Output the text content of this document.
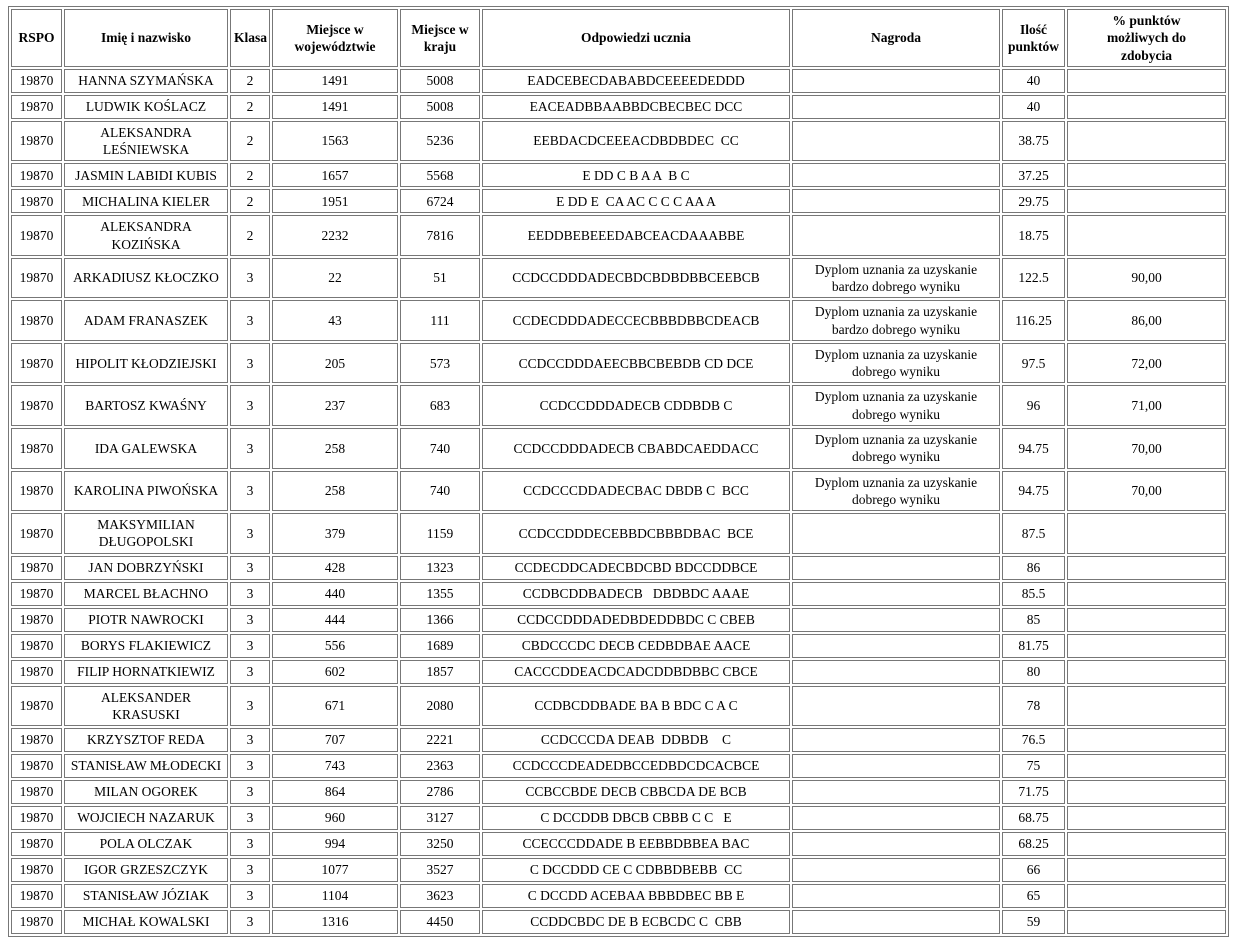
RSPO	Imię i nazwisko	Klasa	Miejsce w województwie	Miejsce w kraju	Odpowiedzi ucznia	Nagroda	Ilość punktów	% punktów możliwych do zdobycia
19870	HANNA SZYMAŃSKA	2	1491	5008	EADCEBECDABABDCEEEEDEDDD		40	
19870	LUDWIK KOŚLACZ	2	1491	5008	EACEADBBAABBDCBECBEC DCC		40	
19870	ALEKSANDRA LEŚNIEWSKA	2	1563	5236	EEBDACDCEEEACDBDBDEC  CC		38.75	
19870	JASMIN LABIDI KUBIS	2	1657	5568	E DD C B A A  B C		37.25	
19870	MICHALINA KIELER	2	1951	6724	E DD E  CA AC C C C AA A		29.75	
19870	ALEKSANDRA KOZIŃSKA	2	2232	7816	EEDDBEBEEEDABCEACDAAABBE		18.75	
19870	ARKADIUSZ KŁOCZKO	3	22	51	CCDCCDDDADECBDCBDBDBBCEEBCB	Dyplom uznania za uzyskanie bardzo dobrego wyniku	122.5	90,00
19870	ADAM FRANASZEK	3	43	111	CCDECDDDADECCECBBBDBBCDEACB	Dyplom uznania za uzyskanie bardzo dobrego wyniku	116.25	86,00
19870	HIPOLIT KŁODZIEJSKI	3	205	573	CCDCCDDDAEECBBCBEBDB CD DCE	Dyplom uznania za uzyskanie dobrego wyniku	97.5	72,00
19870	BARTOSZ KWAŚNY	3	237	683	CCDCCDDDADECB CDDBDB C	Dyplom uznania za uzyskanie dobrego wyniku	96	71,00
19870	IDA GALEWSKA	3	258	740	CCDCCDDDADECB CBABDCAEDDACC	Dyplom uznania za uzyskanie dobrego wyniku	94.75	70,00
19870	KAROLINA PIWOŃSKA	3	258	740	CCDCCCDDADECBAC DBDB C  BCC	Dyplom uznania za uzyskanie dobrego wyniku	94.75	70,00
19870	MAKSYMILIAN DŁUGOPOLSKI	3	379	1159	CCDCCDDDECEBBDCBBBDBAC  BCE		87.5	
19870	JAN DOBRZYŃSKI	3	428	1323	CCDECDDCADECBDCBD BDCCDDBCE		86	
19870	MARCEL BŁACHNO	3	440	1355	CCDBCDDBADECB   DBDBDC AAAE		85.5	
19870	PIOTR NAWROCKI	3	444	1366	CCDCCDDDADEDBDEDDBDC C CBEB		85	
19870	BORYS FLAKIEWICZ	3	556	1689	CBDCCCDC DECB CEDBDBAE AACE		81.75	
19870	FILIP HORNATKIEWIZ	3	602	1857	CACCCDDEACDCADCDDBDBBC CBCE		80	
19870	ALEKSANDER KRASUSKI	3	671	2080	CCDBCDDBADE BA B BDC C A C		78	
19870	KRZYSZTOF REDA	3	707	2221	CCDCCCDA DEAB  DDBDB    C		76.5	
19870	STANISŁAW MŁODECKI	3	743	2363	CCDCCCDEADEDBCCEDBDCDCACBCE		75	
19870	MILAN OGOREK	3	864	2786	CCBCCBDE DECB CBBCDA DE BCB		71.75	
19870	WOJCIECH NAZARUK	3	960	3127	C DCCDDB DBCB CBBB C C   E		68.75	
19870	POLA OLCZAK	3	994	3250	CCECCCDDADE B EEBBDBBEA BAC		68.25	
19870	IGOR GRZESZCZYK	3	1077	3527	C DCCDDD CE C CDBBDBEBB  CC		66	
19870	STANISŁAW JÓZIAK	3	1104	3623	C DCCDD ACEBAA BBBDBEC BB E		65	
19870	MICHAŁ KOWALSKI	3	1316	4450	CCDDCBDC DE B ECBCDC C  CBB		59	
